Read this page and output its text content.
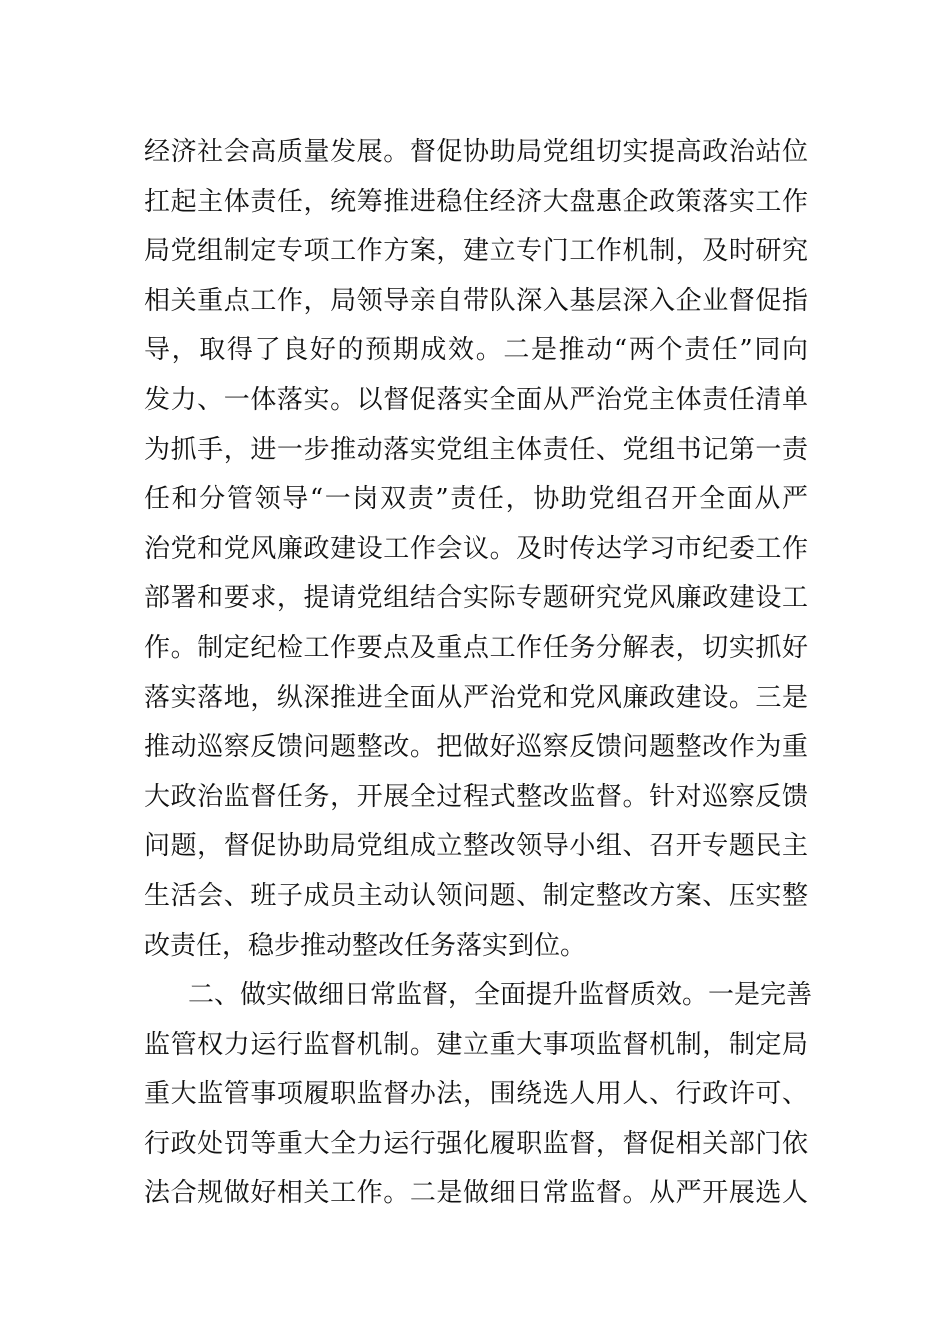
经济社会高质量发展。督促协助局党组切实提高政治站位
扛起主体责任，统筹推进稳住经济大盘惠企政策落实工作
局党组制定专项工作方案，建立专门工作机制，及时研究
相关重点工作，局领导亲自带队深入基层深入企业督促指
导，取得了良好的预期成效。二是推动“两个责任”同向
发力、一体落实。以督促落实全面从严治党主体责任清单
为抓手，进一步推动落实党组主体责任、党组书记第一责
任和分管领导“一岗双责”责任，协助党组召开全面从严
治党和党风廉政建设工作会议。及时传达学习市纪委工作
部署和要求，提请党组结合实际专题研究党风廉政建设工
作。制定纪检工作要点及重点工作任务分解表，切实抓好
落实落地，纵深推进全面从严治党和党风廉政建设。三是
推动巡察反馈问题整改。把做好巡察反馈问题整改作为重
大政治监督任务，开展全过程式整改监督。针对巡察反馈
问题，督促协助局党组成立整改领导小组、召开专题民主
生活会、班子成员主动认领问题、制定整改方案、压实整
改责任，稳步推动整改任务落实到位。
二、做实做细日常监督，全面提升监督质效。一是完善
监管权力运行监督机制。建立重大事项监督机制，制定局
重大监管事项履职监督办法，围绕选人用人、行政许可、
行政处罚等重大全力运行强化履职监督，督促相关部门依
法合规做好相关工作。二是做细日常监督。从严开展选人
